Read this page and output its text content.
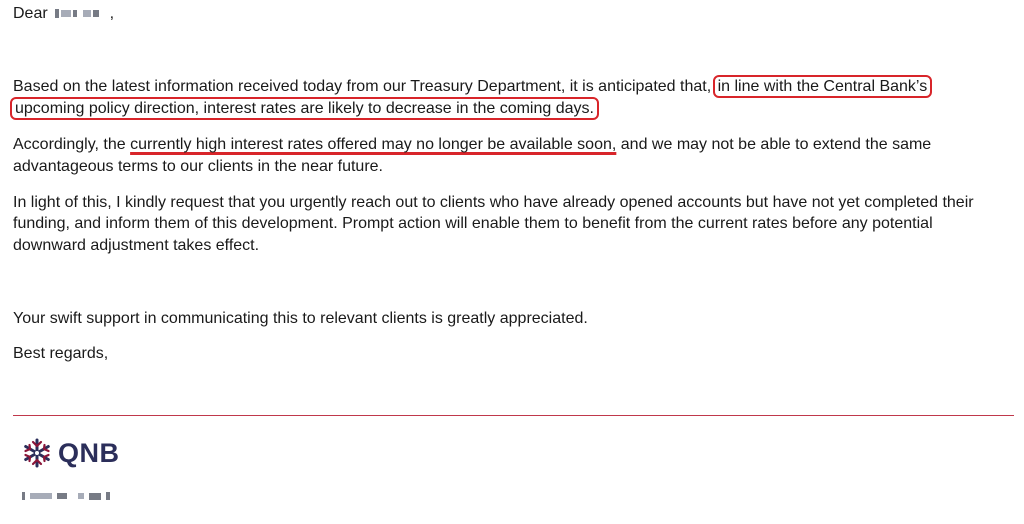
Dear	,
Based on the latest information received today from our Treasury Department, it is anticipated that, in line with the Central Bank’s
upcoming policy direction, interest rates are likely to decrease in the coming days.
Accordingly, the currently high interest rates offered may no longer be available soon, and we may not be able to extend the same
advantageous terms to our clients in the near future.
In light of this, I kindly request that you urgently reach out to clients who have already opened accounts but have not yet completed their
funding, and inform them of this development. Prompt action will enable them to benefit from the current rates before any potential
downward adjustment takes effect.
Your swift support in communicating this to relevant clients is greatly appreciated.
Best regards,
QNB
